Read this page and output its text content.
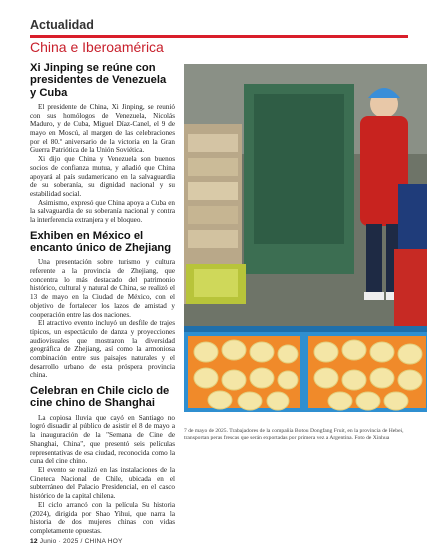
Actualidad
China e Iberoamérica
Xi Jinping se reúne con presidentes de Venezuela y Cuba

El presidente de China, Xi Jinping, se reunió con sus homólogos de Venezuela, Nicolás Maduro, y de Cuba, Miguel Díaz-Canel, el 9 de mayo en Moscú, al margen de las celebraciones por el 80.º aniversario de la victoria en la Gran Guerra Patriótica de la Unión Soviética.

Xi dijo que China y Venezuela son buenos socios de confianza mutua, y añadió que China apoyará al país sudamericano en la salvaguardia de su soberanía, su dignidad nacional y su estabilidad social.

Asimismo, expresó que China apoya a Cuba en la salvaguardia de su soberanía nacional y contra la interferencia extranjera y el bloqueo.

Exhiben en México el encanto único de Zhejiang

Una presentación sobre turismo y cultura referente a la provincia de Zhejiang, que concentra lo más destacado del patrimonio histórico, cultural y natural de China, se realizó el 13 de mayo en la Ciudad de México, con el objetivo de fortalecer los lazos de amistad y cooperación entre las dos naciones.

El atractivo evento incluyó un desfile de trajes típicos, un espectáculo de danza y proyecciones audiovisuales que mostraron la diversidad geográfica de Zhejiang, así como la armoniosa combinación entre sus paisajes naturales y el desarrollo urbano de esta próspera provincia china.

Celebran en Chile ciclo de cine chino de Shanghai

La copiosa lluvia que cayó en Santiago no logró disuadir al público de asistir el 8 de mayo a la inauguración de la "Semana de Cine de Shanghai, China", que presentó seis películas representativas de esa ciudad, reconocida como la cuna del cine chino.

El evento se realizó en las instalaciones de la Cineteca Nacional de Chile, ubicada en el subterráneo del Palacio Presidencial, en el casco histórico de la capital chilena.

El ciclo arrancó con la película Su historia (2024), dirigida por Shao Yihui, que narra la historia de dos mujeres chinas con vidas completamente opuestas.

7 de mayo de 2025. Trabajadores de la compañía Botou Dongfang Fruit, en la provincia de Hebei, transportan peras frescas que serán exportadas por primera vez a Argentina. Foto de Xinhua
12 Junio · 2025 / CHINA HOY
